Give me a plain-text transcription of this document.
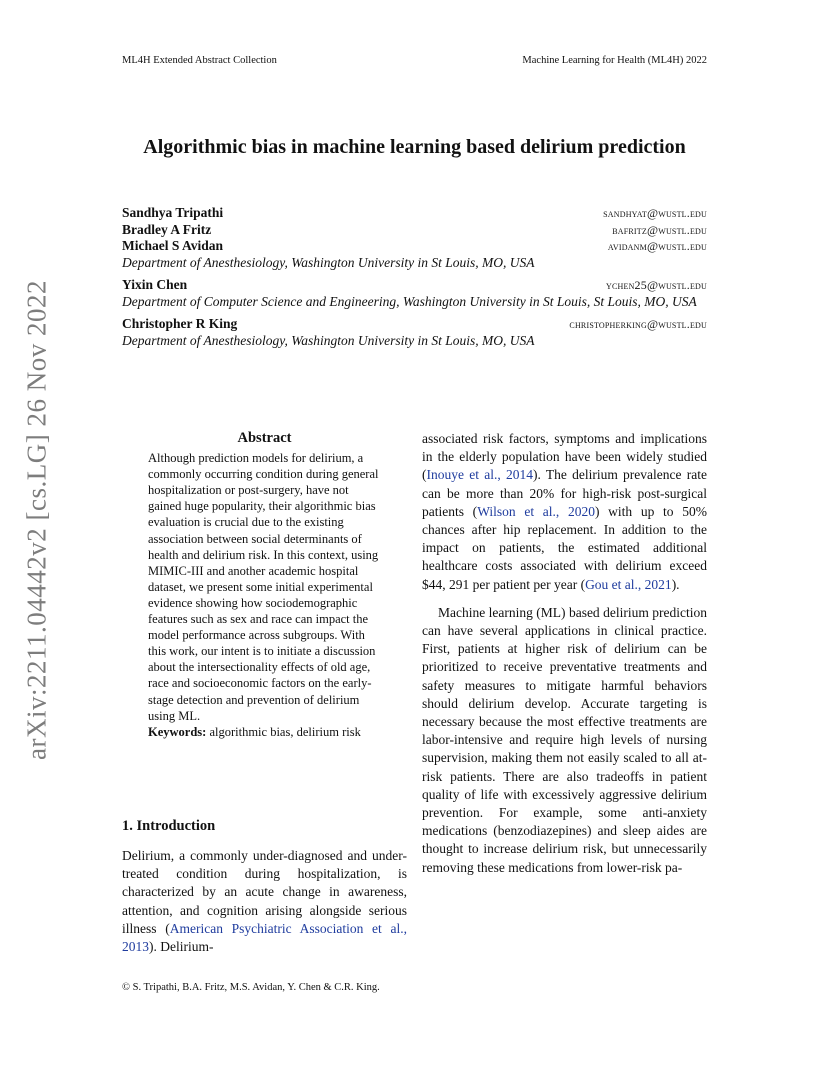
ML4H Extended Abstract Collection	Machine Learning for Health (ML4H) 2022
Algorithmic bias in machine learning based delirium prediction
Sandhya Tripathi	sandhyat@wustl.edu
Bradley A Fritz	bafritz@wustl.edu
Michael S Avidan	avidanm@wustl.edu
Department of Anesthesiology, Washington University in St Louis, MO, USA
Yixin Chen	ychen25@wustl.edu
Department of Computer Science and Engineering, Washington University in St Louis, St Louis, MO, USA
Christopher R King	christopherking@wustl.edu
Department of Anesthesiology, Washington University in St Louis, MO, USA
arXiv:2211.04442v2 [cs.LG] 26 Nov 2022	Abstract
Although prediction models for delirium, a commonly occurring condition during general hospitalization or post-surgery, have not gained huge popularity, their algorithmic bias evaluation is crucial due to the existing association between social determinants of health and delirium risk. In this context, using MIMIC-III and another academic hospital dataset, we present some initial experimental evidence showing how sociodemographic features such as sex and race can impact the model performance across subgroups. With this work, our intent is to initiate a discussion about the intersectionality effects of old age, race and socioeconomic factors on the early-stage detection and prevention of delirium using ML.
Keywords: algorithmic bias, delirium risk
1. Introduction
Delirium, a commonly under-diagnosed and under-treated condition during hospitalization, is characterized by an acute change in awareness, attention, and cognition arising alongside serious illness (American Psychiatric Association et al., 2013). Delirium-

associated risk factors, symptoms and implications in the elderly population have been widely studied (Inouye et al., 2014). The delirium prevalence rate can be more than 20% for high-risk post-surgical patients (Wilson et al., 2020) with up to 50% chances after hip replacement. In addition to the impact on patients, the estimated additional healthcare costs associated with delirium exceed $44, 291 per patient per year (Gou et al., 2021).

Machine learning (ML) based delirium prediction can have several applications in clinical practice. First, patients at higher risk of delirium can be prioritized to receive preventative treatments and safety measures to mitigate harmful behaviors should delirium develop. Accurate targeting is necessary because the most effective treatments are labor-intensive and require high levels of nursing supervision, making them not easily scaled to all at-risk patients. There are also tradeoffs in patient quality of life with excessively aggressive delirium prevention. For example, some anti-anxiety medications (benzodiazepines) and sleep aides are thought to increase delirium risk, but unnecessarily removing these medications from lower-risk pa-

© S. Tripathi, B.A. Fritz, M.S. Avidan, Y. Chen & C.R. King.
